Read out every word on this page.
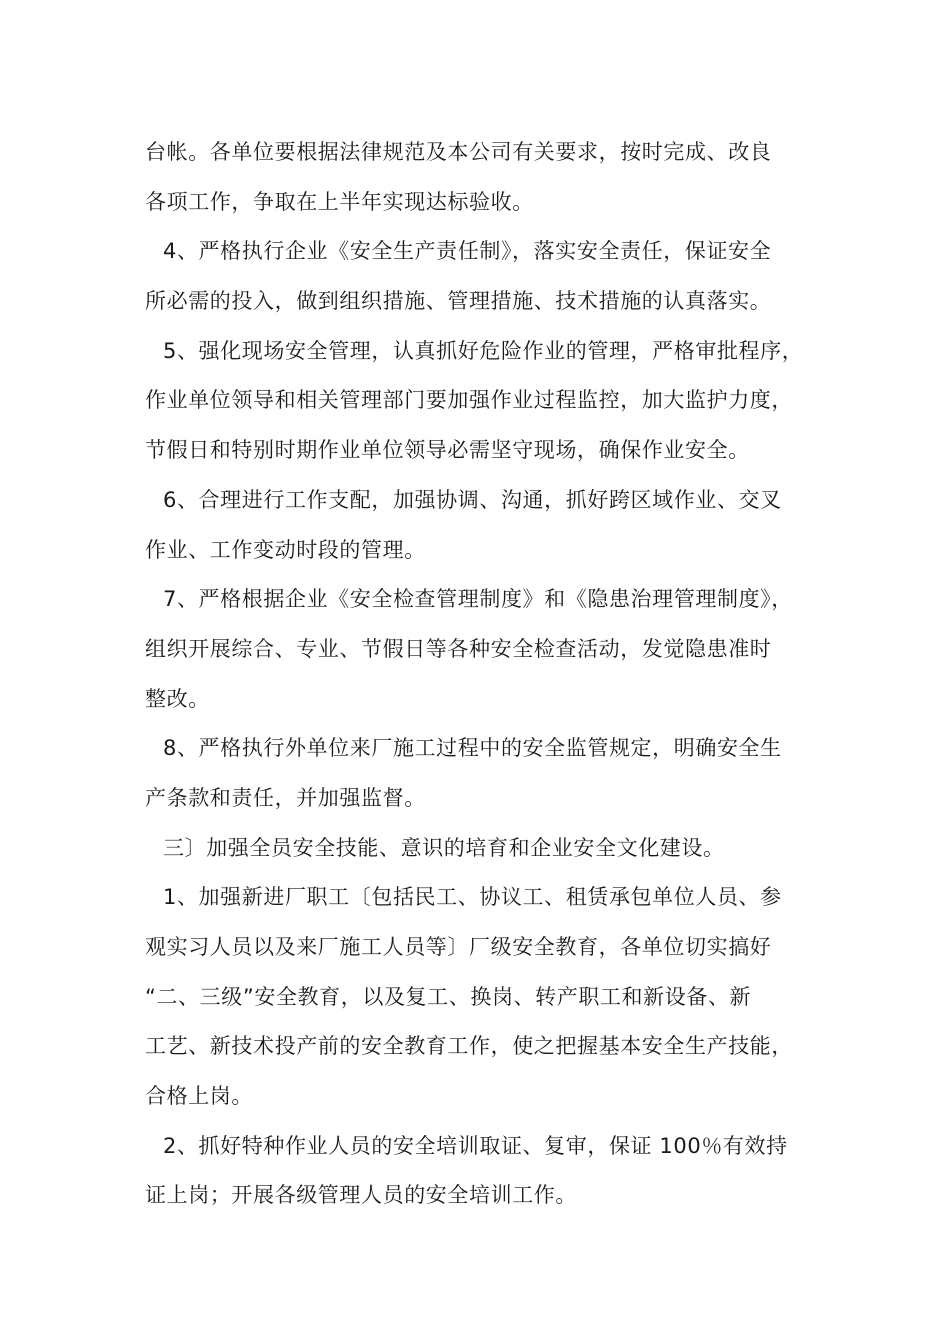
台帐。各单位要根据法律规范及本公司有关要求，按时完成、改良
各项工作，争取在上半年实现达标验收。
4、严格执行企业《安全生产责任制》，落实安全责任，保证安全
所必需的投入，做到组织措施、管理措施、技术措施的认真落实。
5、强化现场安全管理，认真抓好危险作业的管理，严格审批程序，
作业单位领导和相关管理部门要加强作业过程监控，加大监护力度，
节假日和特别时期作业单位领导必需坚守现场，确保作业安全。
6、合理进行工作支配，加强协调、沟通，抓好跨区域作业、交叉
作业、工作变动时段的管理。
7、严格根据企业《安全检查管理制度》和《隐患治理管理制度》，
组织开展综合、专业、节假日等各种安全检查活动，发觉隐患准时
整改。
8、严格执行外单位来厂施工过程中的安全监管规定，明确安全生
产条款和责任，并加强监督。
三〕加强全员安全技能、意识的培育和企业安全文化建设。
1、加强新进厂职工〔包括民工、协议工、租赁承包单位人员、参
观实习人员以及来厂施工人员等〕厂级安全教育，各单位切实搞好
“二、三级”安全教育，以及复工、换岗、转产职工和新设备、新
工艺、新技术投产前的安全教育工作，使之把握基本安全生产技能，
合格上岗。
2、抓好特种作业人员的安全培训取证、复审，保证 100％有效持
证上岗；开展各级管理人员的安全培训工作。
